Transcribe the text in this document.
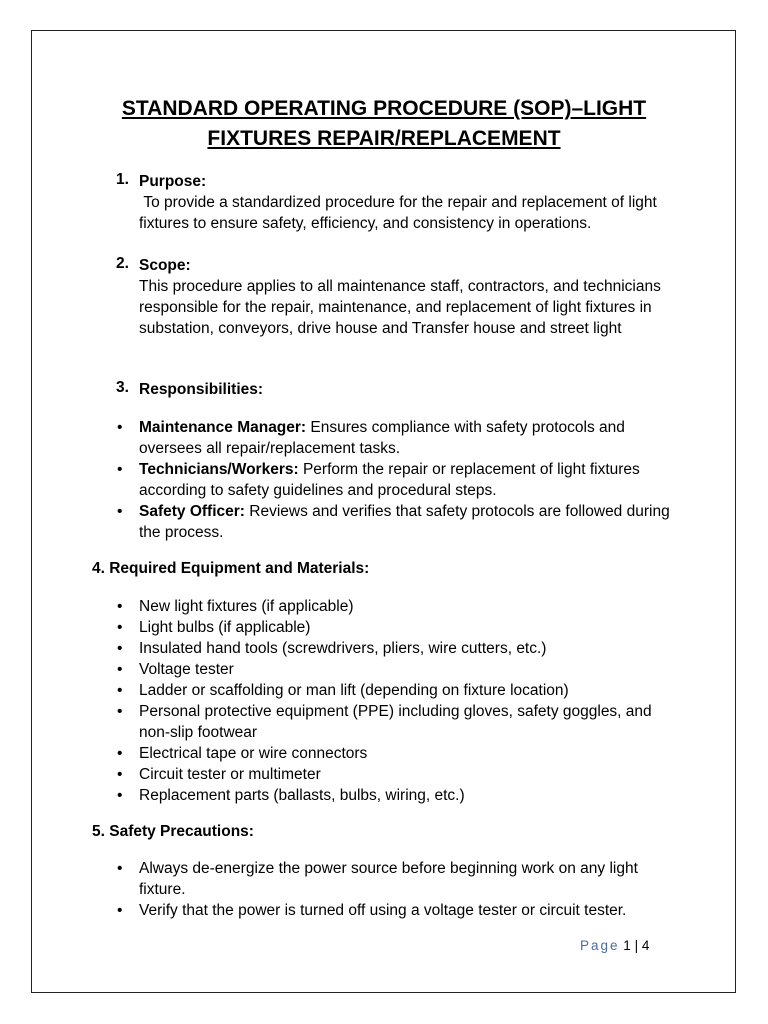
STANDARD OPERATING PROCEDURE (SOP)–LIGHT
FIXTURES REPAIR/REPLACEMENT
1. Purpose:
To provide a standardized procedure for the repair and replacement of light fixtures to ensure safety, efficiency, and consistency in operations.
2. Scope:
This procedure applies to all maintenance staff, contractors, and technicians responsible for the repair, maintenance, and replacement of light fixtures in substation, conveyors, drive house and Transfer house and street light
3. Responsibilities:
• Maintenance Manager: Ensures compliance with safety protocols and oversees all repair/replacement tasks.
• Technicians/Workers: Perform the repair or replacement of light fixtures according to safety guidelines and procedural steps.
• Safety Officer: Reviews and verifies that safety protocols are followed during the process.
4. Required Equipment and Materials:
• New light fixtures (if applicable)
• Light bulbs (if applicable)
• Insulated hand tools (screwdrivers, pliers, wire cutters, etc.)
• Voltage tester
• Ladder or scaffolding or man lift (depending on fixture location)
• Personal protective equipment (PPE) including gloves, safety goggles, and non-slip footwear
• Electrical tape or wire connectors
• Circuit tester or multimeter
• Replacement parts (ballasts, bulbs, wiring, etc.)
5. Safety Precautions:
• Always de-energize the power source before beginning work on any light fixture.
• Verify that the power is turned off using a voltage tester or circuit tester.
Page 1 | 4
